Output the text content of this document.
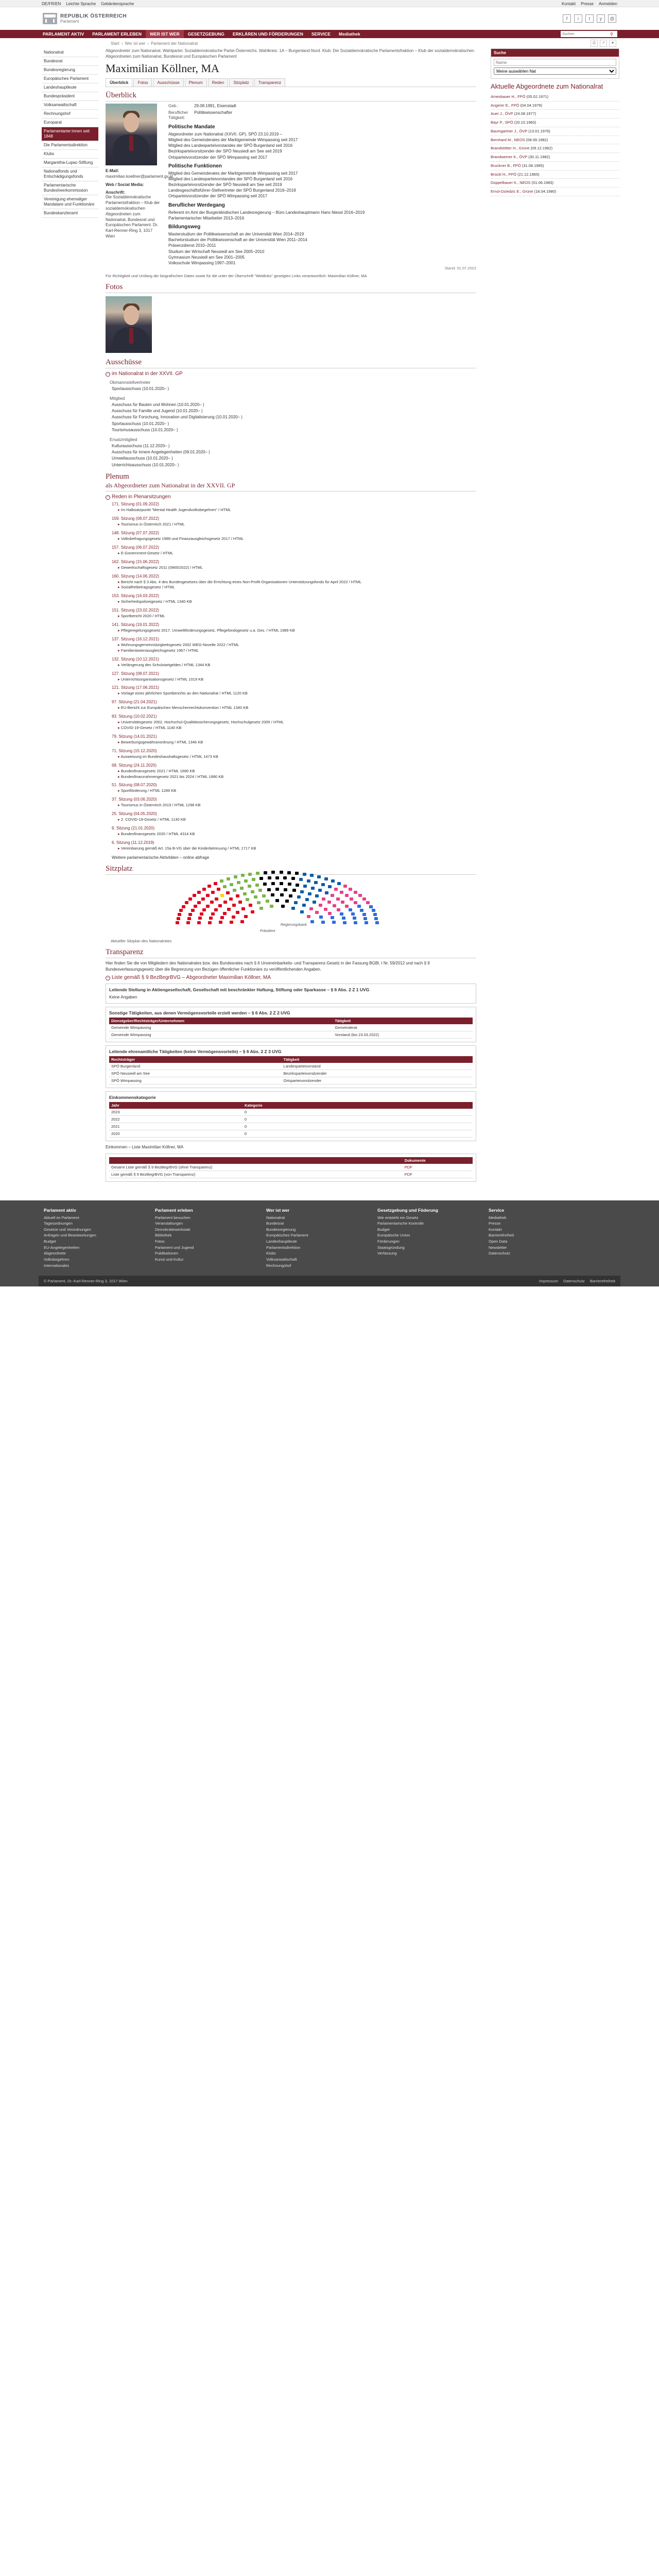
DE/FR/EN Leichte Sprache Gebärdensprache	Kontakt Presse Anmelden
REPUBLIK ÖSTERREICH
Parlament
f	i	t	y	@
PARLAMENT AKTIV	PARLAMENT ERLEBEN	WER IST WER	GESETZGEBUNG	ERKLÄREN UND FÖRDERUNGEN	SERVICE	Mediathek
Suchen	⚲
Start › Wer ist wer › Parlament der Nationalrat	⎙	↗	★
Nationalrat
Bundesrat
Bundesregierung
Europäisches Parlament
Landeshauptleute
Bundespräsident
Volksanwaltschaft
Rechnungshof
Europarat
Parlamentarier:innen seit 1848
Die Parlamentsdirektion
Klubs
Margaretha-Lupac-Stiftung
Nationalfonds und Entschädigungsfonds
Parlamentarische Bundesheerkommission
Vereinigung ehemaliger Mandatare und Funktionäre
Bundeskanzleramt
Abgeordneter zum Nationalrat. Wahlpartei: Sozialdemokratische Partei Österreichs. Wahlkreis: 1A – Burgenland-Nord. Klub: Die Sozialdemokratische Parlamentsfraktion – Klub der sozialdemokratischen Abgeordneten zum Nationalrat, Bundesrat und Europäischen Parlament
Maximilian Köllner, MA
Überblick	Fotos	Ausschüsse	Plenum	Reden	Sitzplatz	Transparenz
Überblick
E-Mail:
maximilian.koellner@parlament.gv.at
Web / Social Media:
Anschrift:
Die Sozialdemokratische Parlamentsfraktion – Klub der sozialdemokratischen Abgeordneten zum Nationalrat, Bundesrat und Europäischen Parlament. Dr. Karl-Renner-Ring 3, 1017 Wien
Geb.:	29.08.1991, Eisenstadt
Beruflicher Tätigkeit:
Politikwissenschafter
Politische Mandate
Abgeordneter zum Nationalrat (XXVII. GP), SPÖ 23.10.2019 –
Mitglied des Gemeinderates der Marktgemeinde Wimpassing seit 2017
Mitglied des Landesparteivorstandes der SPÖ Burgenland seit 2016
Bezirksparteivorsitzender der SPÖ Neusiedl am See seit 2019
Ortsparteivorsitzender der SPÖ Wimpassing seit 2017
Politische Funktionen
Mitglied des Gemeinderates der Marktgemeinde Wimpassing seit 2017
Mitglied des Landesparteivorstandes der SPÖ Burgenland seit 2016
Bezirksparteivorsitzender der SPÖ Neusiedl am See seit 2019
Landesgeschäftsführer-Stellvertreter der SPÖ Burgenland 2016–2019
Ortsparteivorsitzender der SPÖ Wimpassing seit 2017
Beruflicher Werdegang
Referent im Amt der Burgenländischen Landesregierung – Büro Landeshauptmann Hans Niessl 2016–2019
Parlamentarischer Mitarbeiter 2013–2016
Bildungsweg
Masterstudium der Politikwissenschaft an der Universität Wien 2014–2019
Bachelorstudium der Politikwissenschaft an der Universität Wien 2011–2014
Präsenzdienst 2010–2011
Studium der Wirtschaft Neusiedl am See 2005–2010
Gymnasium Neusiedl am See 2001–2005
Volksschule Wimpassing 1997–2001
Stand: 01.07.2022
Für Richtigkeit und Umfang der biografischen Daten sowie für die unter der Überschrift "Weblinks" gezeigten Links verantwortlich: Maximilian Köllner, MA
Fotos
Ausschüsse
− im Nationalrat in der XXVII. GP
Obmannstellvertreter
Sportausschuss (10.01.2020– )
Mitglied
Ausschuss für Bauten und Wohnen (10.01.2020– )
Ausschuss für Familie und Jugend (10.01.2020– )
Ausschuss für Forschung, Innovation und Digitalisierung (10.01.2020– )
Sportausschuss (10.01.2020– )
Tourismusausschuss (10.01.2020– )
Ersatzmitglied
Kulturausschuss (11.12.2020– )
Ausschuss für innere Angelegenheiten (09.01.2020– )
Umweltausschuss (10.01.2020– )
Unterrichtsausschuss (10.01.2020– )
Plenum
als Abgeordneter zum Nationalrat in der XXVII. GP
− Reden in Plenarsitzungen
171. Sitzung (01.09.2022)
▸ Im Halbsatzpunkt "Mental Health Jugendvolksbegehren" / HTML
159. Sitzung (08.07.2022)
▸ Tourismus in Österreich 2021 / HTML
148. Sitzung (07.07.2022)
▸ Volksbefragungsgesetz 1989 und Finanzausgleichsgesetz 2017 / HTML
157. Sitzung (06.07.2022)
▸ E-Government-Gesetz / HTML
162. Sitzung (15.06.2022)
▸ Gewerkschaftsgesetz 2011 (0965/2022) / HTML
160. Sitzung (14.06.2022)
▸ Bericht nach § 3 Abs. 4 des Bundesgesetzes über die Errichtung eines Non-Profit-Organisationen Unterstützungsfonds für April 2022 / HTML
▸ Sozialfreibetragsgesetz / HTML
153. Sitzung (16.03.2022)
▸ Sicherheitspolizeigesetz / HTML 1340 KB
151. Sitzung (23.02.2022)
▸ Sportbericht 2020 / HTML
141. Sitzung (19.01.2022)
▸ Pflegeregelungsgesetz 2017, Umweltförderungsgesetz, Pflegefondsgesetz u.a. Ges. / HTML 1989 KB
137. Sitzung (16.12.2021)
▸ Wohnungsgemeinnützigkeitsgesetz 2002 WEG-Novelle 2022 / HTML
▸ Familienlastenausgleichsgesetz 1967 / HTML
132. Sitzung (10.12.2021)
▸ Verlängerung des Schulstartgeldes / HTML 1344 KB
127. Sitzung (08.07.2021)
▸ Unterrichtsorganisationsgesetz / HTML 1019 KB
121. Sitzung (17.06.2021)
▸ Vorlage eines jährlichen Sportberichts an den Nationalrat / HTML 1120 KB
97. Sitzung (21.04.2021)
▸ EU-Bericht zur Europäischen Menschenrechtskonvention / HTML 1340 KB
83. Sitzung (10.02.2021)
▸ Universitätsgesetz 2002, Hochschul-Qualitätssicherungsgesetz, Hochschulgesetz 2005 / HTML
▸ COVID-19-Gesetz / HTML 1140 KB
79. Sitzung (14.01.2021)
▸ Bewerbungsgewähranordnung / HTML 1346 KB
71. Sitzung (15.12.2020)
▸ Ausweisung im Bundeshaushaltsgesetz / HTML 1473 KB
68. Sitzung (24.11.2020)
▸ Bundesfinanzgesetz 2021 / HTML 1690 KB
▸ Bundesfinanzrahmengesetz 2021 bis 2024 / HTML 1890 KB
51. Sitzung (08.07.2020)
▸ Sportförderung / HTML 1289 KB
37. Sitzung (03.06.2020)
▸ Tourismus in Österreich 2019 / HTML 1298 KB
25. Sitzung (04.05.2020)
▸ 2. COVID-19-Gesetz / HTML 1130 KB
9. Sitzung (21.01.2020)
▸ Bundesfinanzgesetz 2020 / HTML 4314 KB
6. Sitzung (11.12.2019)
▸ Vereinbarung gemäß Art. 15a B-VG über die Kinderbetreuung / HTML 1717 KB
Weitere parlamentarische Aktivitäten – online abfrage
Sitzplatz
Regierungsbank
Präsident
Aktueller Sitzplan des Nationalrates
Transparenz
Hier finden Sie die von Mitgliedern des Nationalrates bzw. des Bundesrates nach § 6 Unvereinbarkeits- und Transparenz-Gesetz in der Fassung BGBl. I Nr. 59/2012 und nach § 9 Bundesverfassungsgesetz über die Begrenzung von Bezügen öffentlicher Funktionäre zu veröffentlichenden Angaben.
− Liste gemäß § 9 BezBegrBVG – Abgeordneter Maximilian Köllner, MA
Leitende Stellung in Aktiengesellschaft, Gesellschaft mit beschränkter Haftung, Stiftung oder Sparkasse – § 6 Abs. 2 Z 1 UVG
Keine Angaben
Sonstige Tätigkeiten, aus denen Vermögensvorteile erzielt werden – § 6 Abs. 2 Z 2 UVG
Dienstgeber/Rechtsträger/Unternehmen	Tätigkeit
Gemeinde Wimpassing	Gemeinderat
Gemeinde Wimpassing	Vorstand (bis 23.03.2022)
Leitende ehrenamtliche Tätigkeiten (keine Vermögensvorteile) – § 6 Abs. 2 Z 3 UVG
Rechtsträger	Tätigkeit
SPÖ Burgenland	Landesparteivorstand
SPÖ Neusiedl am See	Bezirksparteivorsitzender
SPÖ Wimpassing	Ortsparteivorsitzender
Einkommenskategorie
Jahr	Kategorie
2023	0
2022	0
2021	0
2020	0
Einkommen – Liste Maximilian Köllner, MA
	Dokumente
Gesamt Liste gemäß § 9 BezBegrBVG (ohne Transparenz)	PDF
Liste gemäß § 9 BezBegrBVG (von Transparenz)	PDF
Suche
Name
Meine auswählen Nat
Aktuelle Abgeordnete zum Nationalrat
Amesbauer H., FPÖ (05.02.1971)
Angerer E., FPÖ (04.04.1979)
Auer J., ÖVP (24.08.1977)
Bayr P., SPÖ (20.10.1960)
Baumgartner J., ÖVP (13.01.1976)
Bernhard M., NEOS (08.09.1982)
Brandstötter H., Grüne (09.12.1962)
Brandweiner K., ÖVP (30.11.1982)
Bruckner B., FPÖ (31.08.1965)
Brückl H., FPÖ (21.12.1965)
Doppelbauer K., NEOS (01.06.1983)
Ernst-Dziedzic E., Grüne (18.04.1980)
Parlament aktiv
Aktuell im Parlament
Tagesordnungen
Gesetze und Verordnungen
Anfragen und Beantwortungen
Budget
EU-Angelegenheiten
Abgeordnete
Volksbegehren
Internationales
Parlament erleben
Parlament besuchen
Veranstaltungen
Demokratiewerkstatt
Bibliothek
Fotos
Parlament und Jugend
Publikationen
Kunst und Kultur
Wer ist wer
Nationalrat
Bundesrat
Bundesregierung
Europäisches Parlament
Landeshauptleute
Parlamentsdirektion
Klubs
Volksanwaltschaft
Rechnungshof
Gesetzgebung und Föderung
Wie entsteht ein Gesetz
Parlamentarische Kontrolle
Budget
Europäische Union
Förderungen
Staatsgründung
Verfassung
Service
Mediathek
Presse
Kontakt
Barrierefreiheit
Open Data
Newsletter
Datenschutz
© Parlament, Dr.-Karl-Renner-Ring 3, 1017 Wien	Impressum Datenschutz Barrierefreiheit
